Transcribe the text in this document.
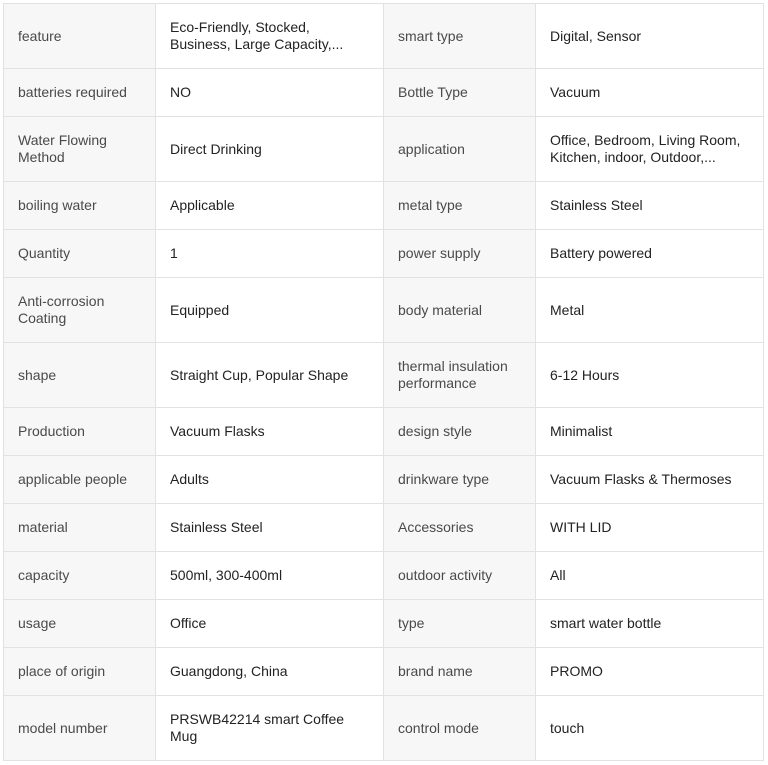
feature	Eco-Friendly, Stocked, Business, Large Capacity,...	smart type	Digital, Sensor
batteries required	NO	Bottle Type	Vacuum
Water Flowing Method	Direct Drinking	application	Office, Bedroom, Living Room, Kitchen, indoor, Outdoor,...
boiling water	Applicable	metal type	Stainless Steel
Quantity	1	power supply	Battery powered
Anti-corrosion Coating	Equipped	body material	Metal
shape	Straight Cup, Popular Shape	thermal insulation performance	6-12 Hours
Production	Vacuum Flasks	design style	Minimalist
applicable people	Adults	drinkware type	Vacuum Flasks & Thermoses
material	Stainless Steel	Accessories	WITH LID
capacity	500ml, 300-400ml	outdoor activity	All
usage	Office	type	smart water bottle
place of origin	Guangdong, China	brand name	PROMO
model number	PRSWB42214 smart Coffee Mug	control mode	touch
